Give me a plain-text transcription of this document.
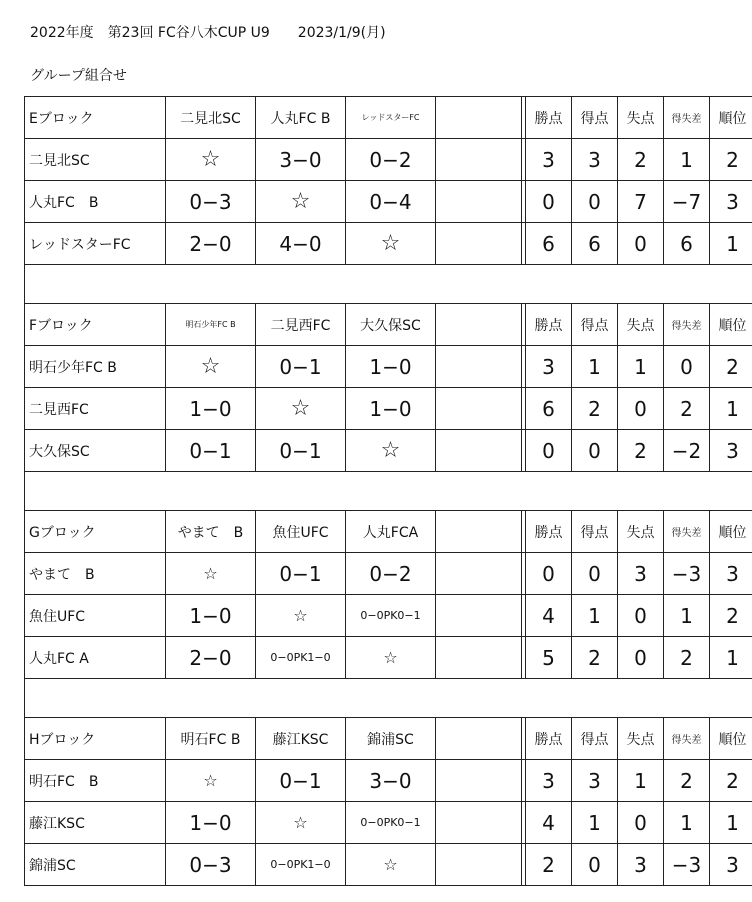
2022年度　第23回 FC谷八木CUP U9　　2023/1/9(月)
グループ組合せ
Eブロック	二見北SC	人丸FC B	レッドスターFC			勝点	得点	失点	得失差	順位
二見北SC	☆	3−0	0−2			3	3	2	1	2
人丸FC　B	0−3	☆	0−4			0	0	7	−7	3
レッドスターFC	2−0	4−0	☆			6	6	0	6	1

Fブロック	明石少年FC B	二見西FC	大久保SC			勝点	得点	失点	得失差	順位
明石少年FC B	☆	0−1	1−0			3	1	1	0	2
二見西FC	1−0	☆	1−0			6	2	0	2	1
大久保SC	0−1	0−1	☆			0	0	2	−2	3

Gブロック	やまて　B	魚住UFC	人丸FCA			勝点	得点	失点	得失差	順位
やまて　B	☆	0−1	0−2			0	0	3	−3	3
魚住UFC	1−0	☆	0−0PK0−1			4	1	0	1	2
人丸FC A	2−0	0−0PK1−0	☆			5	2	0	2	1

Hブロック	明石FC B	藤江KSC	錦浦SC			勝点	得点	失点	得失差	順位
明石FC　B	☆	0−1	3−0			3	3	1	2	2
藤江KSC	1−0	☆	0−0PK0−1			4	1	0	1	1
錦浦SC	0−3	0−0PK1−0	☆			2	0	3	−3	3
